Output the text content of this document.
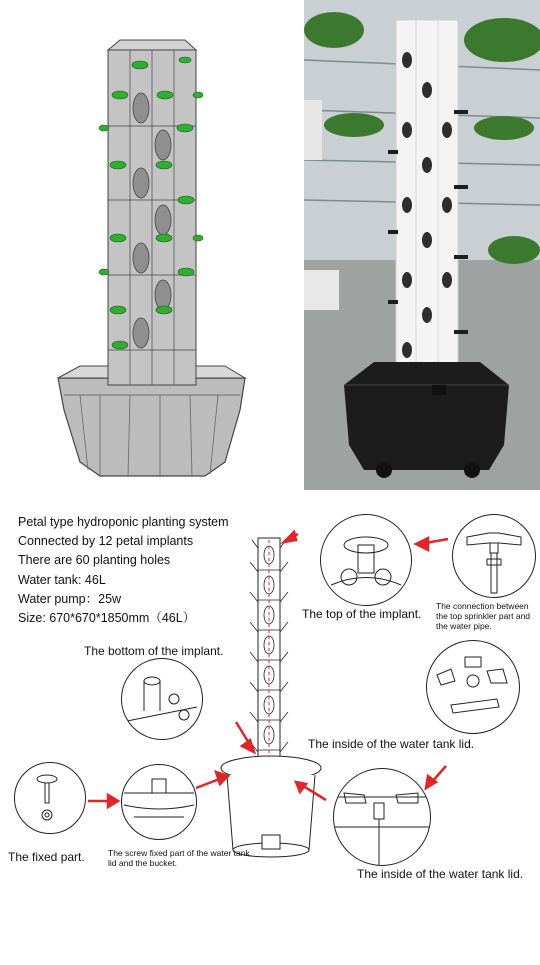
Petal type hydroponic planting system
Connected by 12 petal implants
There are 60 planting holes
Water tank: 46L
Water pump：25w
Size: 670*670*1850mm（46L）	The top of the implant.
The connection between the top sprinkler part and the water pipe.
The bottom of the implant.
The inside of the water tank lid.
The fixed part.	The screw fixed part of the water tank lid and the bucket.
The inside of the water tank lid.
